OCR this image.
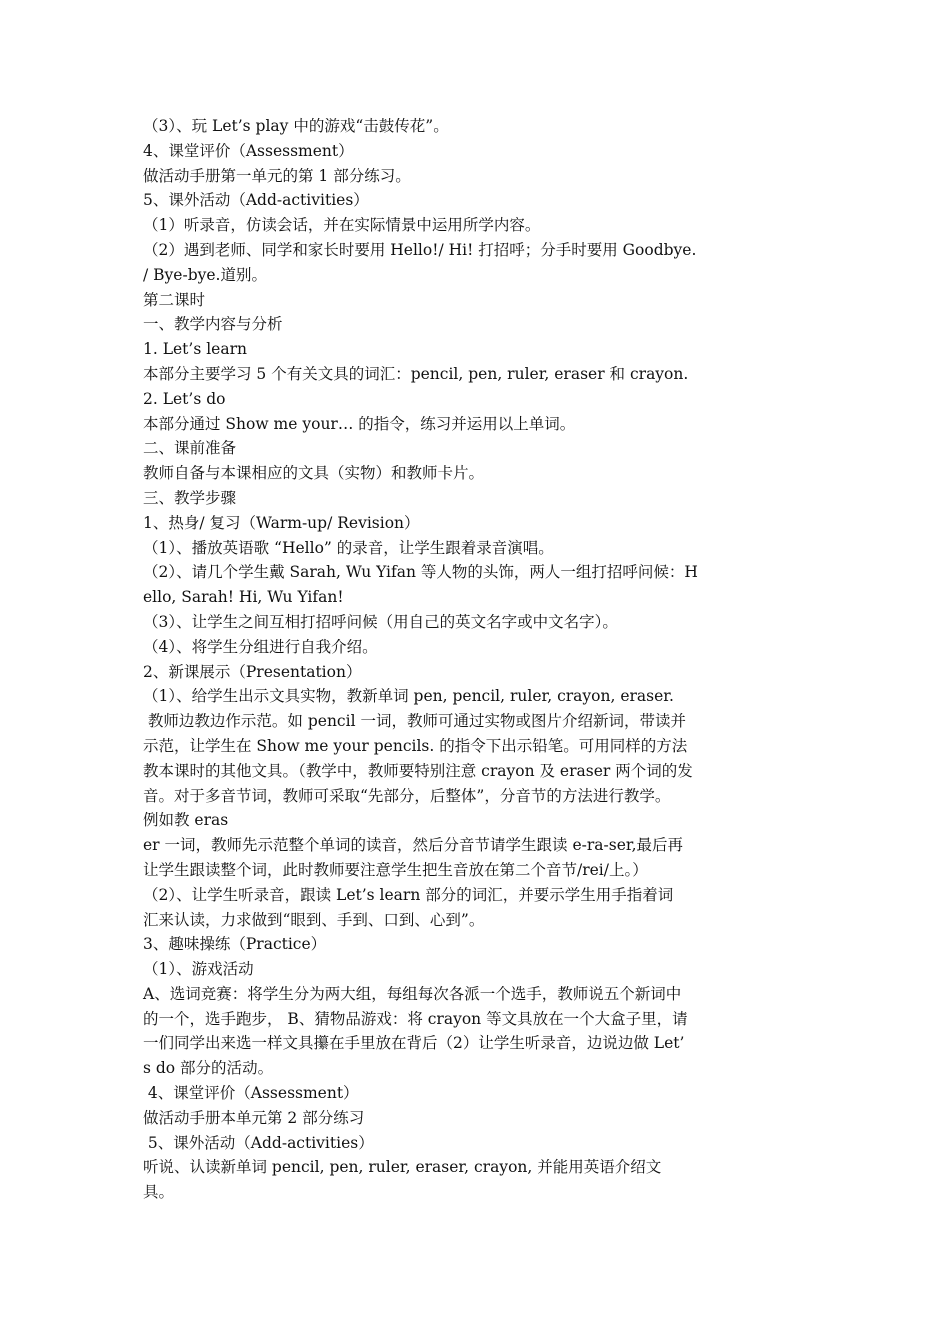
（3）、玩 Let’s play 中的游戏“击鼓传花”。
4、课堂评价（Assessment）
做活动手册第一单元的第 1 部分练习。
5、课外活动（Add-activities）
（1）听录音，仿读会话，并在实际情景中运用所学内容。
（2）遇到老师、同学和家长时要用 Hello!/ Hi! 打招呼；分手时要用 Goodbye.
/ Bye-bye.道别。
第二课时
一、教学内容与分析
1. Let’s learn
本部分主要学习 5 个有关文具的词汇：pencil, pen, ruler, eraser 和 crayon.
2. Let’s do
本部分通过 Show me your… 的指令，练习并运用以上单词。
二、课前准备
教师自备与本课相应的文具（实物）和教师卡片。
三、教学步骤
1、热身/ 复习（Warm-up/ Revision）
（1）、播放英语歌 “Hello” 的录音，让学生跟着录音演唱。
（2）、请几个学生戴 Sarah, Wu Yifan 等人物的头饰，两人一组打招呼问候：H
ello, Sarah! Hi, Wu Yifan!
（3）、让学生之间互相打招呼问候（用自己的英文名字或中文名字）。
（4）、将学生分组进行自我介绍。
2、新课展示（Presentation）
（1）、给学生出示文具实物，教新单词 pen, pencil, ruler, crayon, eraser.
教师边教边作示范。如 pencil 一词，教师可通过实物或图片介绍新词，带读并
示范，让学生在 Show me your pencils. 的指令下出示铅笔。可用同样的方法
教本课时的其他文具。（教学中，教师要特别注意 crayon 及 eraser 两个词的发
音。对于多音节词，教师可采取“先部分，后整体”，分音节的方法进行教学。
例如教 eras
er 一词，教师先示范整个单词的读音，然后分音节请学生跟读 e-ra-ser,最后再
让学生跟读整个词，此时教师要注意学生把生音放在第二个音节/rei/上。）
（2）、让学生听录音，跟读 Let’s learn 部分的词汇，并要示学生用手指着词
汇来认读，力求做到“眼到、手到、口到、心到”。
3、趣味操练（Practice）
（1）、游戏活动
A、选词竞赛：将学生分为两大组，每组每次各派一个选手，教师说五个新词中
的一个，选手跑步， B、猜物品游戏：将 crayon 等文具放在一个大盒子里，请
一们同学出来选一样文具攥在手里放在背后（2）让学生听录音，边说边做 Let’
s do 部分的活动。
4、课堂评价（Assessment）
做活动手册本单元第 2 部分练习
5、课外活动（Add-activities）
听说、认读新单词 pencil, pen, ruler, eraser, crayon, 并能用英语介绍文
具。
